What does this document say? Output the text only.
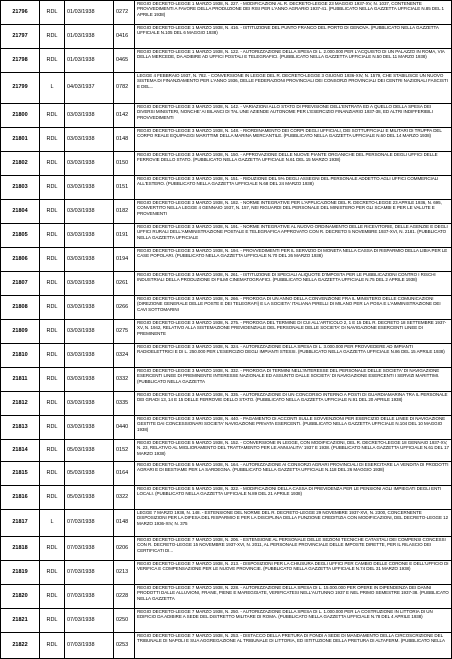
21796	RDL	01/03/1938	0272	REGIO DECRETO-LEGGE 1 MARZO 1938, N. 227. - MODIFICAZIONI AL R. DECRETO-LEGGE 23 MAGGIO 1937-XV, N. 1037, CONTENENTE PROVVEDIMENTI A FAVORE DELLA PRODUZIONE DEI RISI PER L'ANNO AGRARIO 1937-41. (PUBBLICATO NELLA GAZZETTA UFFICIALE N.85 DEL 1 APRILE 1938)
21797	RDL	01/03/1938	0416	REGIO DECRETO-LEGGE 1 MARZO 1938, N. 416. - ISTITUZIONE DEL PUNTO FRANCO DEL PORTO DI GENOVA. (PUBBLICATO NELLA GAZZETTA UFFICIALE N.105 DEL 6 MAGGIO 1938)
21798	RDL	01/03/1938	0465	REGIO DECRETO-LEGGE 1 MARZO 1938, N. 122. - AUTORIZZAZIONE DELLA SPESA DI L. 2.000.000 PER L'ACQUISTO DI UN PALAZZO IN ROMA, VIA DELLA MERCEDE, DA ADIBIRE AD UFFICI POSTALI E TELEGRAFICI. (PUBBLICATO NELLA GAZZETTA UFFICIALE N.50 DEL 11 MARZO 1938)
21799	L	04/03/1937	0782	LEGGE 4 FEBBRAIO 1937, N. 782. - CONVERSIONE IN LEGGE DEL R. DECRETO-LEGGE 3 GIUGNO 1936-XIV, N. 1579, CHE STABILISCE UN NUOVO SISTEMA DI FINANZIAMENTO PER L'ANNO 1936, DELLE FEDERAZIONI PROVINCIALI DEI CONSORZI PROVINCIALI DEI CENTRI NAZIONALI FASCISTI E DEL...
21800	RDL	03/03/1938	0142	REGIO DECRETO-LEGGE 3 MARZO 1938, N. 142. - VARIAZIONI ALLO STATO DI PREVISIONE DELL'ENTRATA ED A QUELLO DELLA SPESA DEI DIVERSI MINISTERI, NONCHE' AI BILANCI DI TAL UNE AZIENDE AUTONOME PER L'ESERCIZIO FINANZIARIO 1937-38, ED ALTRI INDIFFERIBILI PROVVEDIMENTI
21801	RDL	03/03/1938	0148	REGIO DECRETO-LEGGE 3 MARZO 1938, N. 148. - RIORDINAMENTO DEI CORPI DEGLI UFFICIALI, DEI SOTTUFFICIALI E MILITARI DI TRUPPA DEL CORPO REALE EQUIPAGGI MARITTIMI DELLA MARINA MERCANTILE. (PUBBLICATO NELLA GAZZETTA UFFICIALE N.60 DEL 14 MARZO 1938)
21802	RDL	03/03/1938	0150	REGIO DECRETO-LEGGE 3 MARZO 1938, N. 150. - APPROVAZIONE DELLE NUOVE PIANTE ORGANICHE DEL PERSONALE DEGLI UFFICI DELLE FERROVIE DELLO STATO. (PUBBLICATO NELLA GAZZETTA UFFICIALE N.61 DEL 15 MARZO 1938)
21803	RDL	03/03/1938	0151	REGIO DECRETO-LEGGE 3 MARZO 1938, N. 151. - RIDUZIONE DEL 5% DEGLI ASSEGNI DEL PERSONALE ADDETTO AGLI UFFICI COMMERCIALI ALL'ESTERO. (PUBBLICATO NELLA GAZZETTA UFFICIALE N.68 DEL 24 MARZO 1938)
21804	RDL	03/03/1938	0182	REGIO DECRETO-LEGGE 3 MARZO 1938, N. 182. - NORME INTEGRATIVE PER L'APPLICAZIONE DEL R. DECRETO-LEGGE 23 APRILE 1936, N. 695, CONVERTITO NELLA LEGGE 4 GENNAIO 1937, N. 157, NEI RIGUARDI DEL PERSONALE DEL MINISTERO PER GLI SCAMBI E PER LE VALUTE E PROVENIENTI
21805	RDL	03/03/1938	0191	REGIO DECRETO-LEGGE 3 MARZO 1938, N. 191. - NORME INTEGRATIVE AL NUOVO ORDINAMENTO DELLE RICEVITORIE, DELLE AGENZIE E DEGLI UFFICI RURALI DELL'AMMINISTRAZIONE POSTALE E TELEGRAFICA APPROVATO CON R. DECRETO 5 NOVEMBRE 1937-XVI, N. 2181. (PUBBLICATO NELLA GAZZETTA UFFICIALE
21806	RDL	03/03/1938	0194	REGIO DECRETO-LEGGE 3 MARZO 1938, N. 194. - PROVVEDIMENTI PER IL SERVIZIO DI MONETA NELLA CASSA DI RISPARMIO DELLA LIBIA PER LE CASE POPOLARI. (PUBBLICATO NELLA GAZZETTA UFFICIALE N.70 DEL 26 MARZO 1938)
21807	RDL	03/03/1938	0261	REGIO DECRETO-LEGGE 3 MARZO 1938, N. 261. - ISTITUZIONE DI SPECIALI ALIQUOTE D'IMPOSTA PER LE PUBBLICAZIONI CONTRO I RISCHI INDUSTRIALI DELLA PRODUZIONE DI FILMI CINEMATOGRAFICI. (PUBBLICATO NELLA GAZZETTA UFFICIALE N.75 DEL 2 APRILE 1938)
21808	RDL	03/03/1938	0266	REGIO DECRETO-LEGGE 3 MARZO 1938, N. 266. - PROROGA DI UN ANNO DELLA CONVENZIONE FRA IL MINISTERO DELLE COMUNICAZIONI (DIREZIONE GENERALE DELLE POSTE E DEI TELEGRAFI) E LA SOCIETA' ITALIANA PIRELLI DI MILANO PER LA POSA E L'AMMINISTRAZIONE DEI CAVI SOTTOMARINI
21809	RDL	03/03/1938	0275	REGIO DECRETO-LEGGE 3 MARZO 1938, N. 275. - PROROGA DEL TERMINE DI CUI ALL'ARTICOLO 2, 1 E 15 DEL R. DECRETO 18 SETTEMBRE 1937-XV, N. 1942, RELATIVO ALLA SISTEMAZIONE PREVIDENZIALE DEL PERSONALE DELLE SOCIETA' DI NAVIGAZIONE ESERCENTI LINEE DI PREMINENTE
21810	RDL	03/03/1938	0324	REGIO DECRETO-LEGGE 3 MARZO 1938, N. 324. - AUTORIZZAZIONE DELLA SPESA DI L. 3.000.000 PER PROVVEDERE AD IMPIANTI RADIOELETTRICI E DI L. 250.000 PER L'ESERCIZIO DEGLI IMPIANTI STESSI. (PUBBLICATO NELLA GAZZETTA UFFICIALE N.86 DEL 15 APRILE 1938)
21811	RDL	03/03/1938	0332	REGIO DECRETO-LEGGE 3 MARZO 1938, N. 332. - PROROGA DI TERMINI NELL'INTERESSE DEL PERSONALE DELLE SOCIETA' DI NAVIGAZIONE ESERCENTI LINEE DI PREMINENTE INTERESSE NAZIONALE ED ASSUNTO DALLE SOCIETA' DI NAVIGAZIONE ESERCENTI I SERVIZI MARITTIMI. (PUBBLICATO NELLA GAZZETTA
21812	RDL	03/03/1938	0335	REGIO DECRETO-LEGGE 3 MARZO 1938, N. 335. - AUTORIZZAZIONE DI UN CONCORSO INTERNO A POSTI DI GUARDIAMARINA TRA IL PERSONALE DEI GRADI 13, 14 E 15 DELLE FERROVIE DELLO STATO. (PUBBLICATO NELLA GAZZETTA UFFICIALE N.91 DEL 20 APRILE 1938)
21813	RDL	03/03/1938	0440	REGIO DECRETO-LEGGE 3 MARZO 1938, N. 440. - PAGAMENTO DI ACCONTI SULLE SOVVENZIONI PER ESERCIZIO DELLE LINEE DI NAVIGAZIONE GESTITE DAI CONCESSIONARI SOCIETA' NAVIGAZIONE PRIVATA ESERCENTI. (PUBBLICATO NELLA GAZZETTA UFFICIALE N.104 DEL 10 MAGGIO 1938)
21814	RDL	05/03/1938	0152	REGIO DECRETO-LEGGE 5 MARZO 1938, N. 152. - CONVERSIONE IN LEGGE, CON MODIFICAZIONI, DEL R. DECRETO-LEGGE 18 GENNAIO 1937-XV, N. 23, RELATIVO AL MIGLIORAMENTO DEL TRATTAMENTO PER LE ANNUALITA' 1937 E 1938. (PUBBLICATO NELLA GAZZETTA UFFICIALE N.61 DEL 17 MARZO 1938)
21815	RDL	05/03/1938	0164	REGIO DECRETO-LEGGE 5 MARZO 1938, N. 164. - AUTORIZZAZIONE AI CONSORZI AGRARI PROVINCIALI DI ESERCITARE LA VENDITA DI PRODOTTI AGRARI E DI BESTIAME PER LA SARDEGNA. (PUBBLICATO NELLA GAZZETTA UFFICIALE N.118 DEL 26 MAGGIO 1938)
21816	RDL	05/03/1938	0322	REGIO DECRETO-LEGGE 5 MARZO 1938, N. 322. - MODIFICAZIONI DELLA CASSA DI PREVIDENZA PER LE PENSIONI AGLI IMPIEGATI DEGLI ENTI LOCALI. (PUBBLICATO NELLA GAZZETTA UFFICIALE N.89 DEL 21 APRILE 1938)
21817	L	07/03/1938	0148	LEGGE 7 MARZO 1938, N. 148. - ESTENSIONE DEL NORME DEL R. DECRETO-LEGGE 29 NOVEMBRE 1937-XVI, N. 2300, CONCERNENTE DISPOSIZIONI PER LA DIFESA DEL RISPARMIO E PER LA DISCIPLINA DELLA FUNZIONE CREDITIZIA CON MODIFICAZIONI, DEL DECRETO-LEGGE 12 MARZO 1936-XIV, N. 375
21818	RDL	07/03/1938	0206	REGIO DECRETO-LEGGE 7 MARZO 1938, N. 206. - ESTENSIONE AL PERSONALE DELLE SEZIONI TECNICHE CATASTALI DEI COMPENSI CONCESSI CON R. DECRETO-LEGGE 15 NOVEMBRE 1937-XVI, N. 2011, AL PERSONALE PROVINCIALE DELLE IMPOSTE DIRETTE, PER IL RILASCIO DEI CERTIFICATI DI...
21819	RDL	07/03/1938	0213	REGIO DECRETO-LEGGE 7 MARZO 1938, N. 213. - DISPOSIZIONI PER LA CHIUSURA DEGLI UFFICI PER CAMBIO DELLE CORONE E DELL'UFFICIO DI VERIFICA E COMPENSAZIONE PER LE NUOVE PROVINCIE. (PUBBLICATO NELLA GAZZETTA UFFICIALE N.74 DEL 31 MARZO 1938)
21820	RDL	07/03/1938	0228	REGIO DECRETO-LEGGE 7 MARZO 1938, N. 228. - AUTORIZZAZIONE DELLA SPESA DI L. 15.000.000 PER OPERE IN DIPENDENZA DEI DANNI PRODOTTI DALLE ALLUVIONI, FRANE, PIENE E MAREGGIATE, VERIFICATESI NELL'AUTUNNO 1937 E NEL PRIMO SEMESTRE 1937-38. (PUBBLICATO NELLA GAZZETTA
21821	RDL	07/03/1938	0250	REGIO DECRETO-LEGGE 7 MARZO 1938, N. 250. - AUTORIZZAZIONE DELLA SPESA DI L. 1.000.000 PER LA COSTRUZIONE IN LITTORIA DI UN EDIFICIO DA ADIBIRE A SEDE DEL DISTRETTO MILITARE DI ROMA. (PUBBLICATO NELLA GAZZETTA UFFICIALE N.78 DEL 4 APRILE 1938)
21822	RDL	07/03/1938	0253	REGIO DECRETO-LEGGE 7 MARZO 1938, N. 253. - DISTACCO DELLA PRETURA DI FONDI A SEDE DI MANDAMENTO DELLA CIRCOSCRIZIONE DEL TRIBUNALE DI NAPOLI E SUA AGGREGAZIONE AL TRIBUNALE DI LITTORIA, ED ISTITUZIONE DELLA PRETURA DI ALTAFERM. (PUBBLICATO NELLA
